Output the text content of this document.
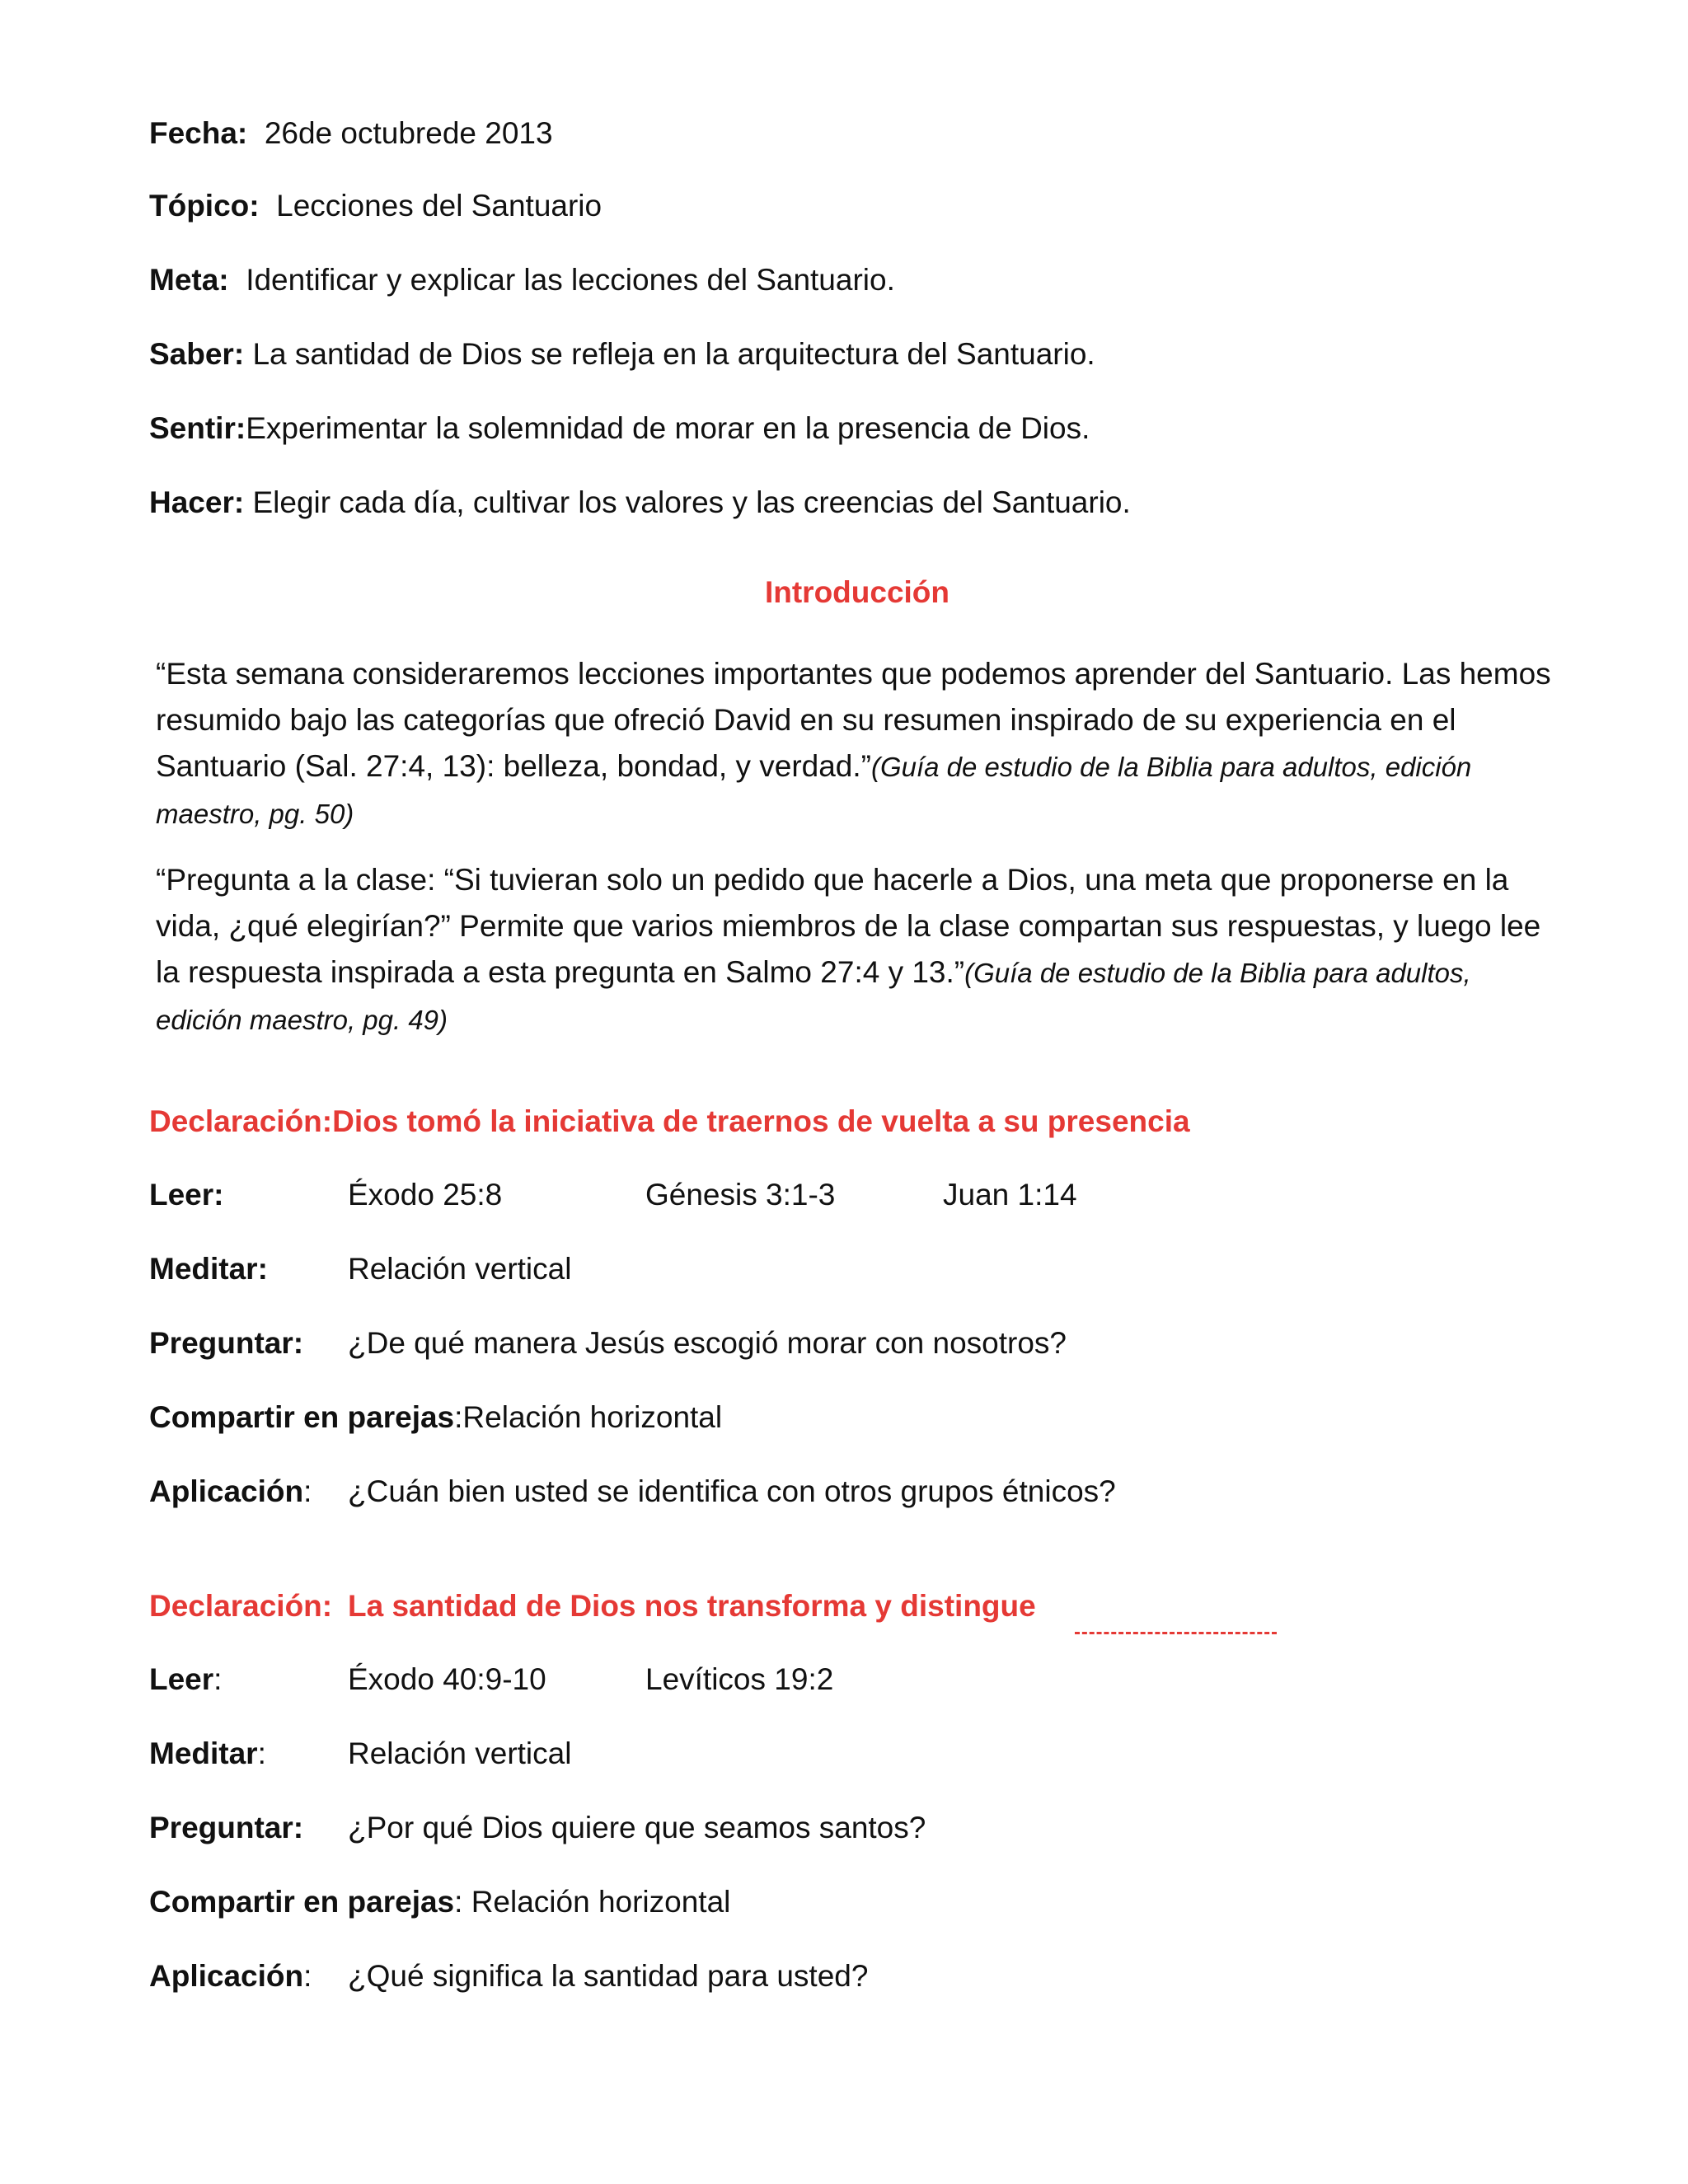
Fecha: 26de octubrede 2013
Tópico: Lecciones del Santuario
Meta: Identificar y explicar las lecciones del Santuario.
Saber: La santidad de Dios se refleja en la arquitectura del Santuario.
Sentir:Experimentar la solemnidad de morar en la presencia de Dios.
Hacer: Elegir cada día, cultivar los valores y las creencias del Santuario.
Introducción
“Esta semana consideraremos lecciones importantes que podemos aprender del Santuario. Las hemos resumido bajo las categorías que ofreció David en su resumen inspirado de su experiencia en el Santuario (Sal. 27:4, 13): belleza, bondad, y verdad.”(Guía de estudio de la Biblia para adultos, edición maestro, pg. 50)
“Pregunta a la clase: “Si tuvieran solo un pedido que hacerle a Dios, una meta que proponerse en la vida, ¿qué elegirían?” Permite que varios miembros de la clase compartan sus respuestas, y luego lee la respuesta inspirada a esta pregunta en Salmo 27:4 y 13.”(Guía de estudio de la Biblia para adultos, edición maestro, pg. 49)
Declaración:Dios tomó la iniciativa de traernos de vuelta a su presencia
Leer:	Éxodo 25:8	Génesis 3:1-3	Juan 1:14
Meditar:	Relación vertical
Preguntar: ¿De qué manera Jesús escogió morar con nosotros?
Compartir en parejas:Relación horizontal
Aplicación: ¿Cuán bien usted se identifica con otros grupos étnicos?
Declaración: La santidad de Dios nos transforma y distingue
Leer:	Éxodo 40:9-10	Levíticos 19:2
Meditar:	Relación vertical
Preguntar: ¿Por qué Dios quiere que seamos santos?
Compartir en parejas: Relación horizontal
Aplicación: ¿Qué significa la santidad para usted?
